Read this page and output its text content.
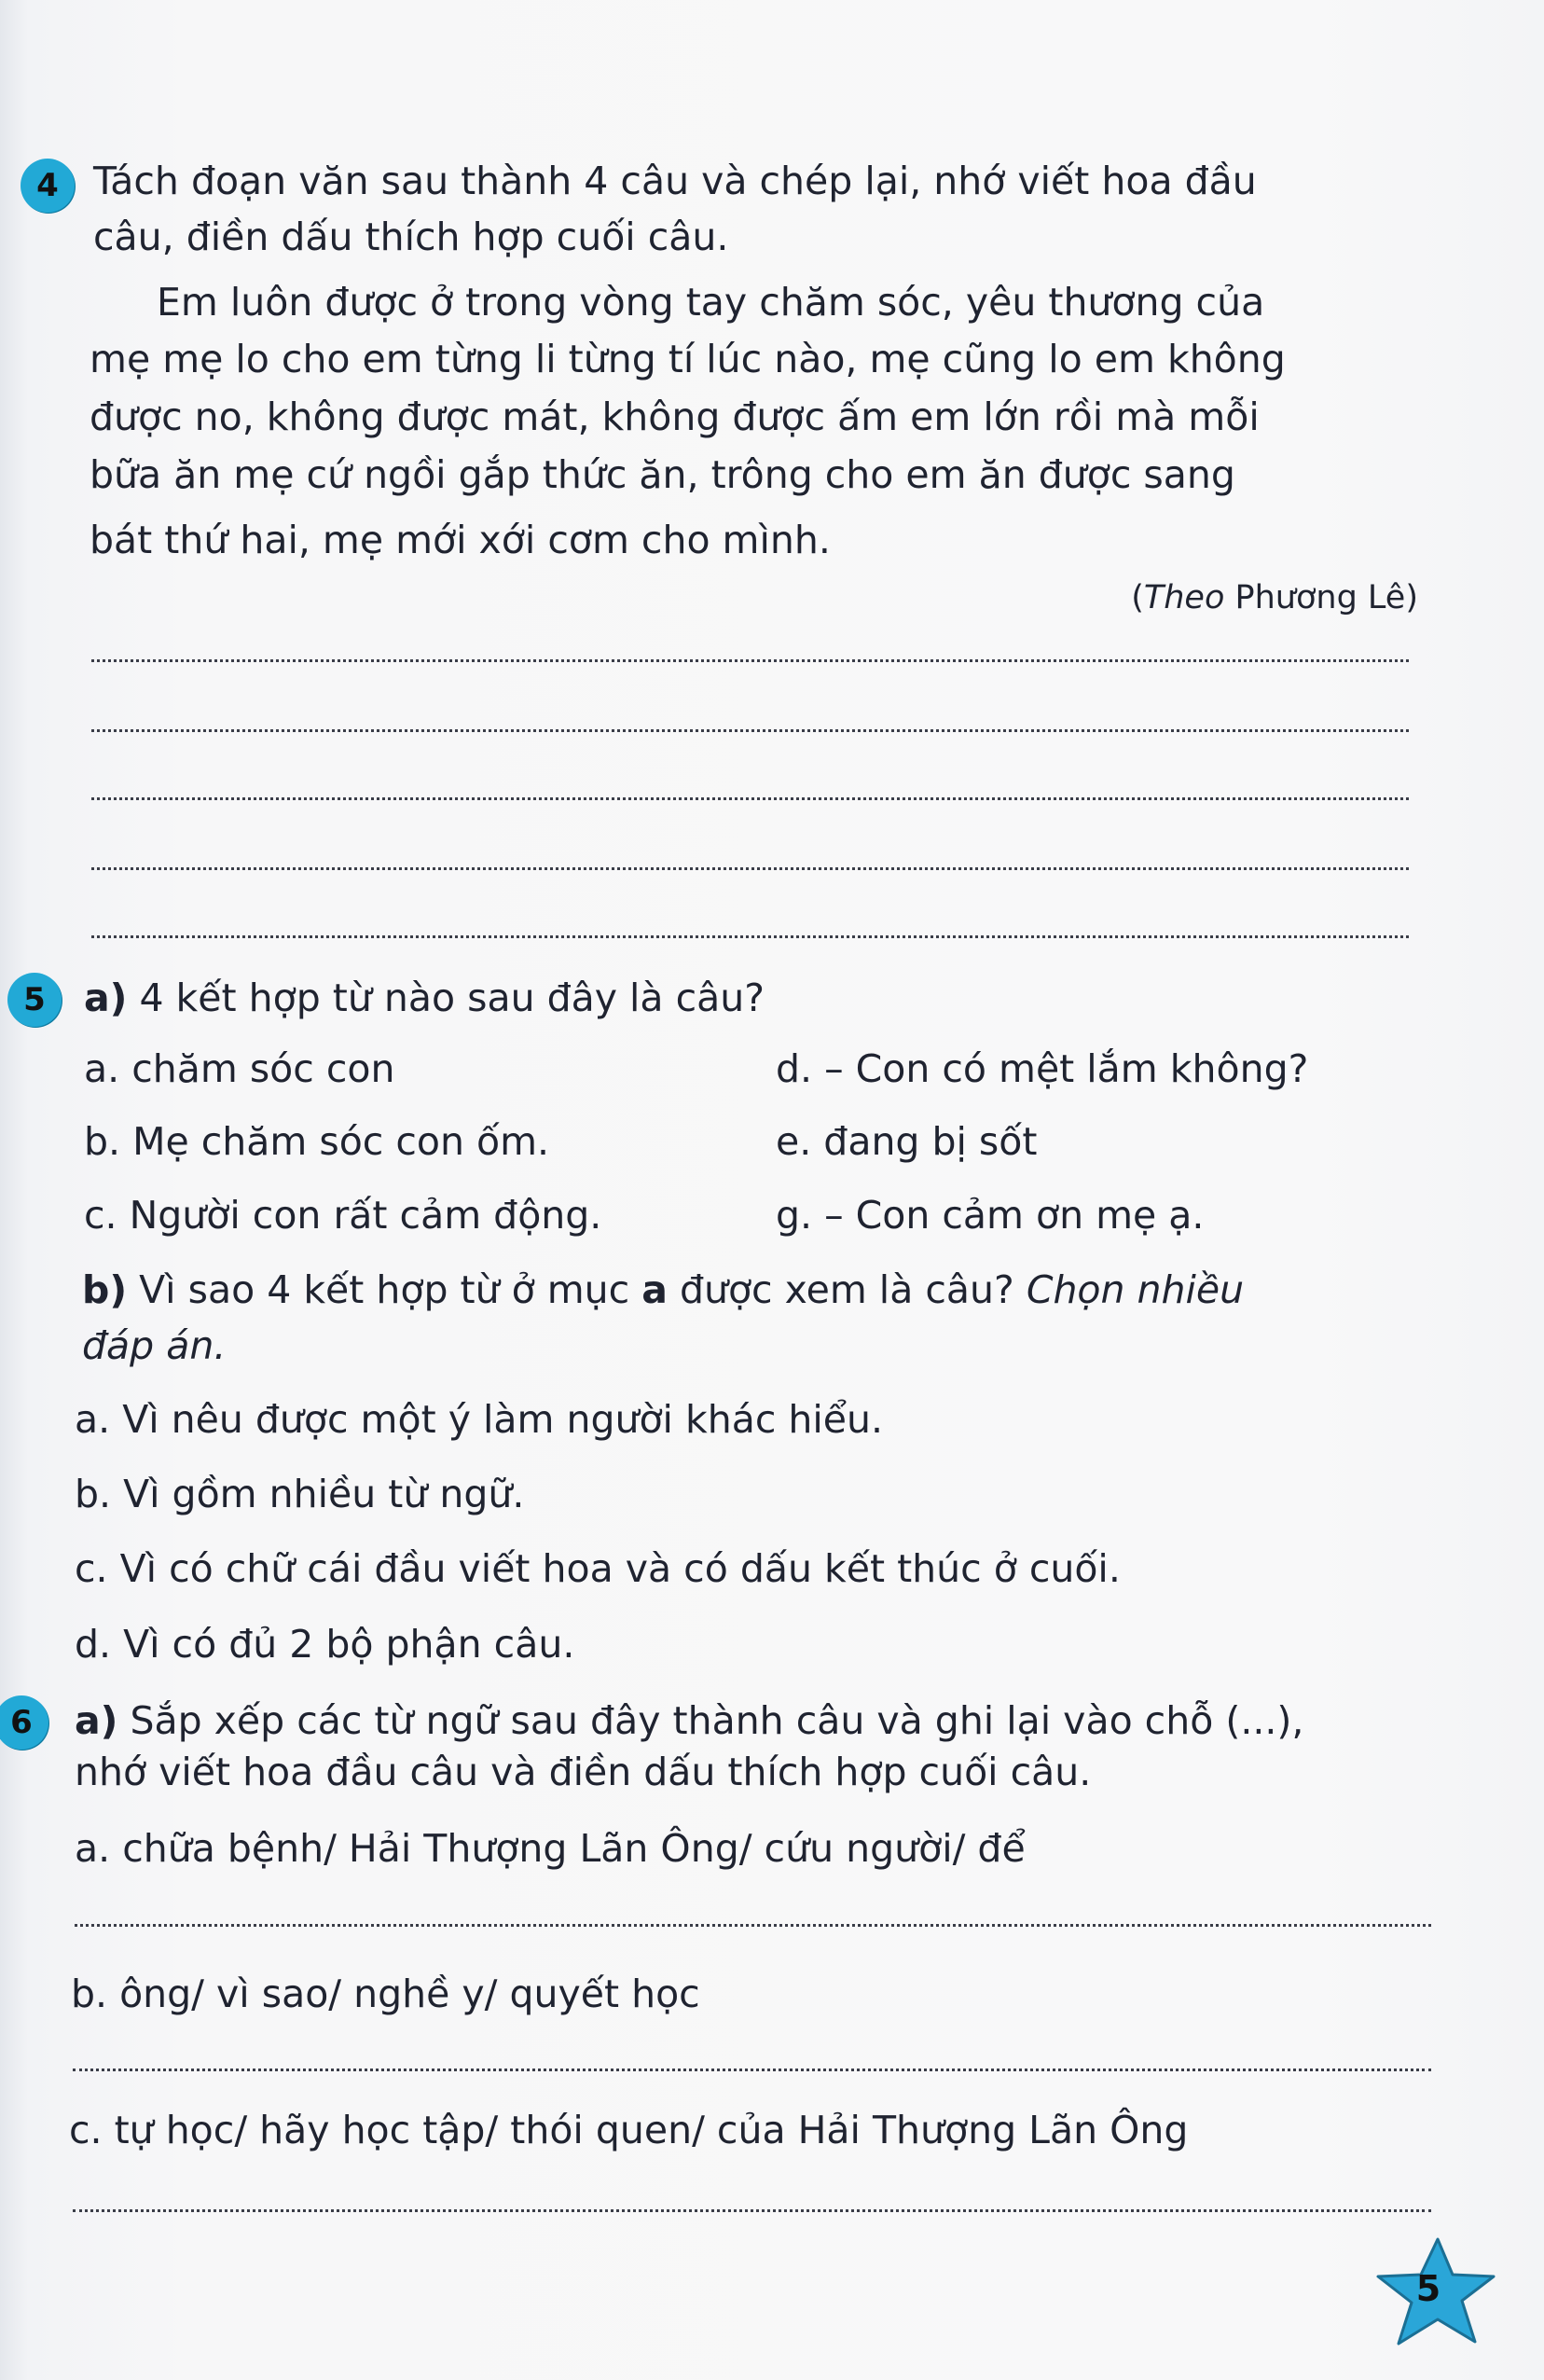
4 Tách đoạn văn sau thành 4 câu và chép lại, nhớ viết hoa đầu

câu, điền dấu thích hợp cuối câu.

Em luôn được ở trong vòng tay chăm sóc, yêu thương của

mẹ mẹ lo cho em từng li từng tí lúc nào, mẹ cũng lo em không

được no, không được mát, không được ấm em lớn rồi mà mỗi

bữa ăn mẹ cứ ngồi gắp thức ăn, trông cho em ăn được sang

bát thứ hai, mẹ mới xới cơm cho mình.

(Theo Phương Lê)

5	a) 4 kết hợp từ nào sau đây là câu?

a. chăm sóc con

b. Mẹ chăm sóc con ốm.

c. Người con rất cảm động.

d. – Con có mệt lắm không?

e. đang bị sốt

g. – Con cảm ơn mẹ ạ.

b) Vì sao 4 kết hợp từ ở mục a được xem là câu? Chọn nhiều

đáp án.

a. Vì nêu được một ý làm người khác hiểu.

b. Vì gồm nhiều từ ngữ.

c. Vì có chữ cái đầu viết hoa và có dấu kết thúc ở cuối.

d. Vì có đủ 2 bộ phận câu.

6	a) Sắp xếp các từ ngữ sau đây thành câu và ghi lại vào chỗ (...),

nhớ viết hoa đầu câu và điền dấu thích hợp cuối câu.

a. chữa bệnh/ Hải Thượng Lãn Ông/ cứu người/ để

b. ông/ vì sao/ nghề y/ quyết học

c. tự học/ hãy học tập/ thói quen/ của Hải Thượng Lãn Ông

5
